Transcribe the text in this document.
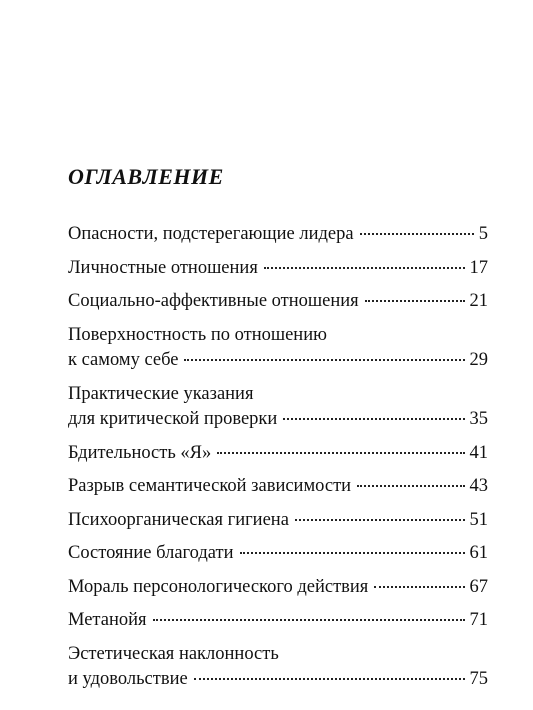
ОГЛАВЛЕНИЕ
Опасности, подстерегающие лидера	5
Личностные отношения	17
Социально-аффективные отношения	21
Поверхностность по отношению
к самому себе	29
Практические указания
для критической проверки	35
Бдительность «Я»	41
Разрыв семантической зависимости	43
Психоорганическая гигиена	51
Состояние благодати	61
Мораль персонологического действия	67
Метанойя	71
Эстетическая наклонность
и удовольствие	75
